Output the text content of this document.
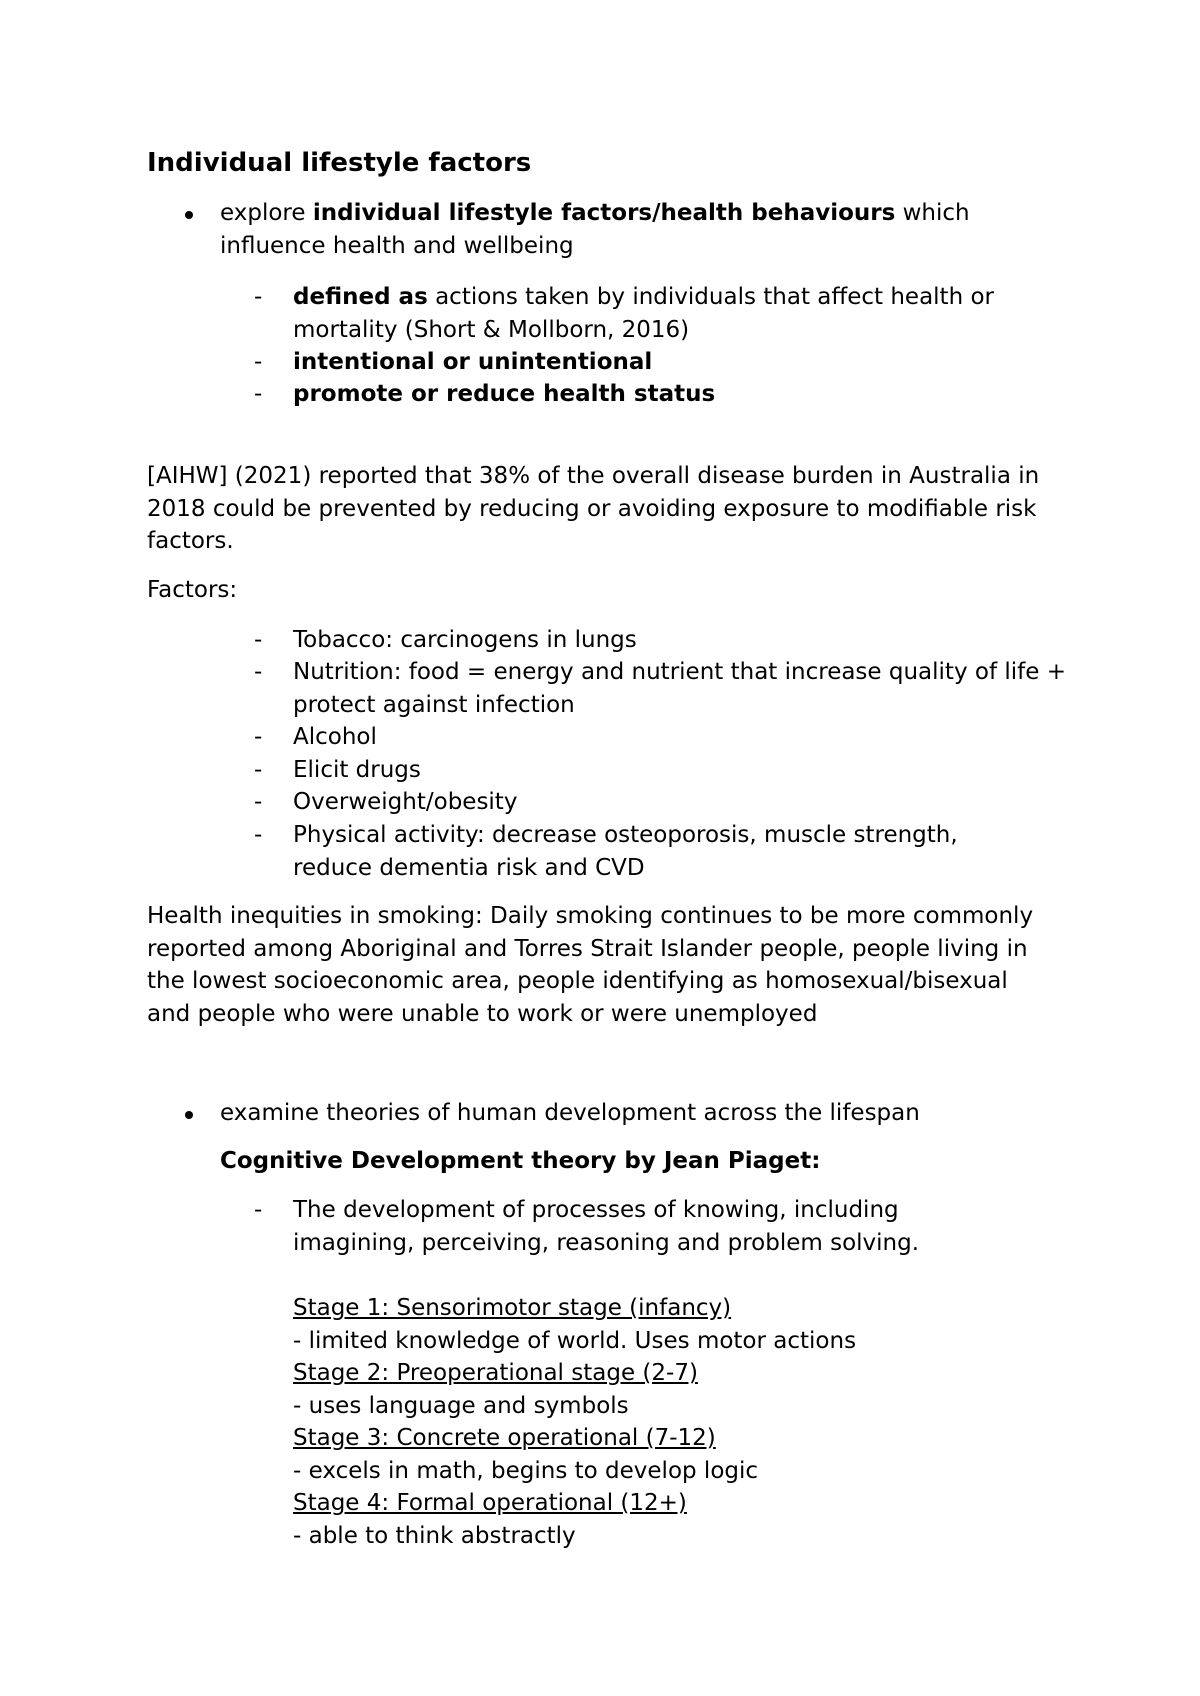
Individual lifestyle factors
explore individual lifestyle factors/health behaviours which influence health and wellbeing
- defined as actions taken by individuals that affect health or mortality (Short & Mollborn, 2016)
- intentional or unintentional
- promote or reduce health status
[AIHW] (2021) reported that 38% of the overall disease burden in Australia in 2018 could be prevented by reducing or avoiding exposure to modifiable risk factors.
Factors:
- Tobacco: carcinogens in lungs
- Nutrition: food = energy and nutrient that increase quality of life + protect against infection
- Alcohol
- Elicit drugs
- Overweight/obesity
- Physical activity: decrease osteoporosis, muscle strength, reduce dementia risk and CVD
Health inequities in smoking: Daily smoking continues to be more commonly reported among Aboriginal and Torres Strait Islander people, people living in the lowest socioeconomic area, people identifying as homosexual/bisexual and people who were unable to work or were unemployed
examine theories of human development across the lifespan
Cognitive Development theory by Jean Piaget:
- The development of processes of knowing, including imagining, perceiving, reasoning and problem solving.

Stage 1: Sensorimotor stage (infancy)

- limited knowledge of world. Uses motor actions

Stage 2: Preoperational stage (2-7)

- uses language and symbols

Stage 3: Concrete operational (7-12)

- excels in math, begins to develop logic

Stage 4: Formal operational (12+)

- able to think abstractly
